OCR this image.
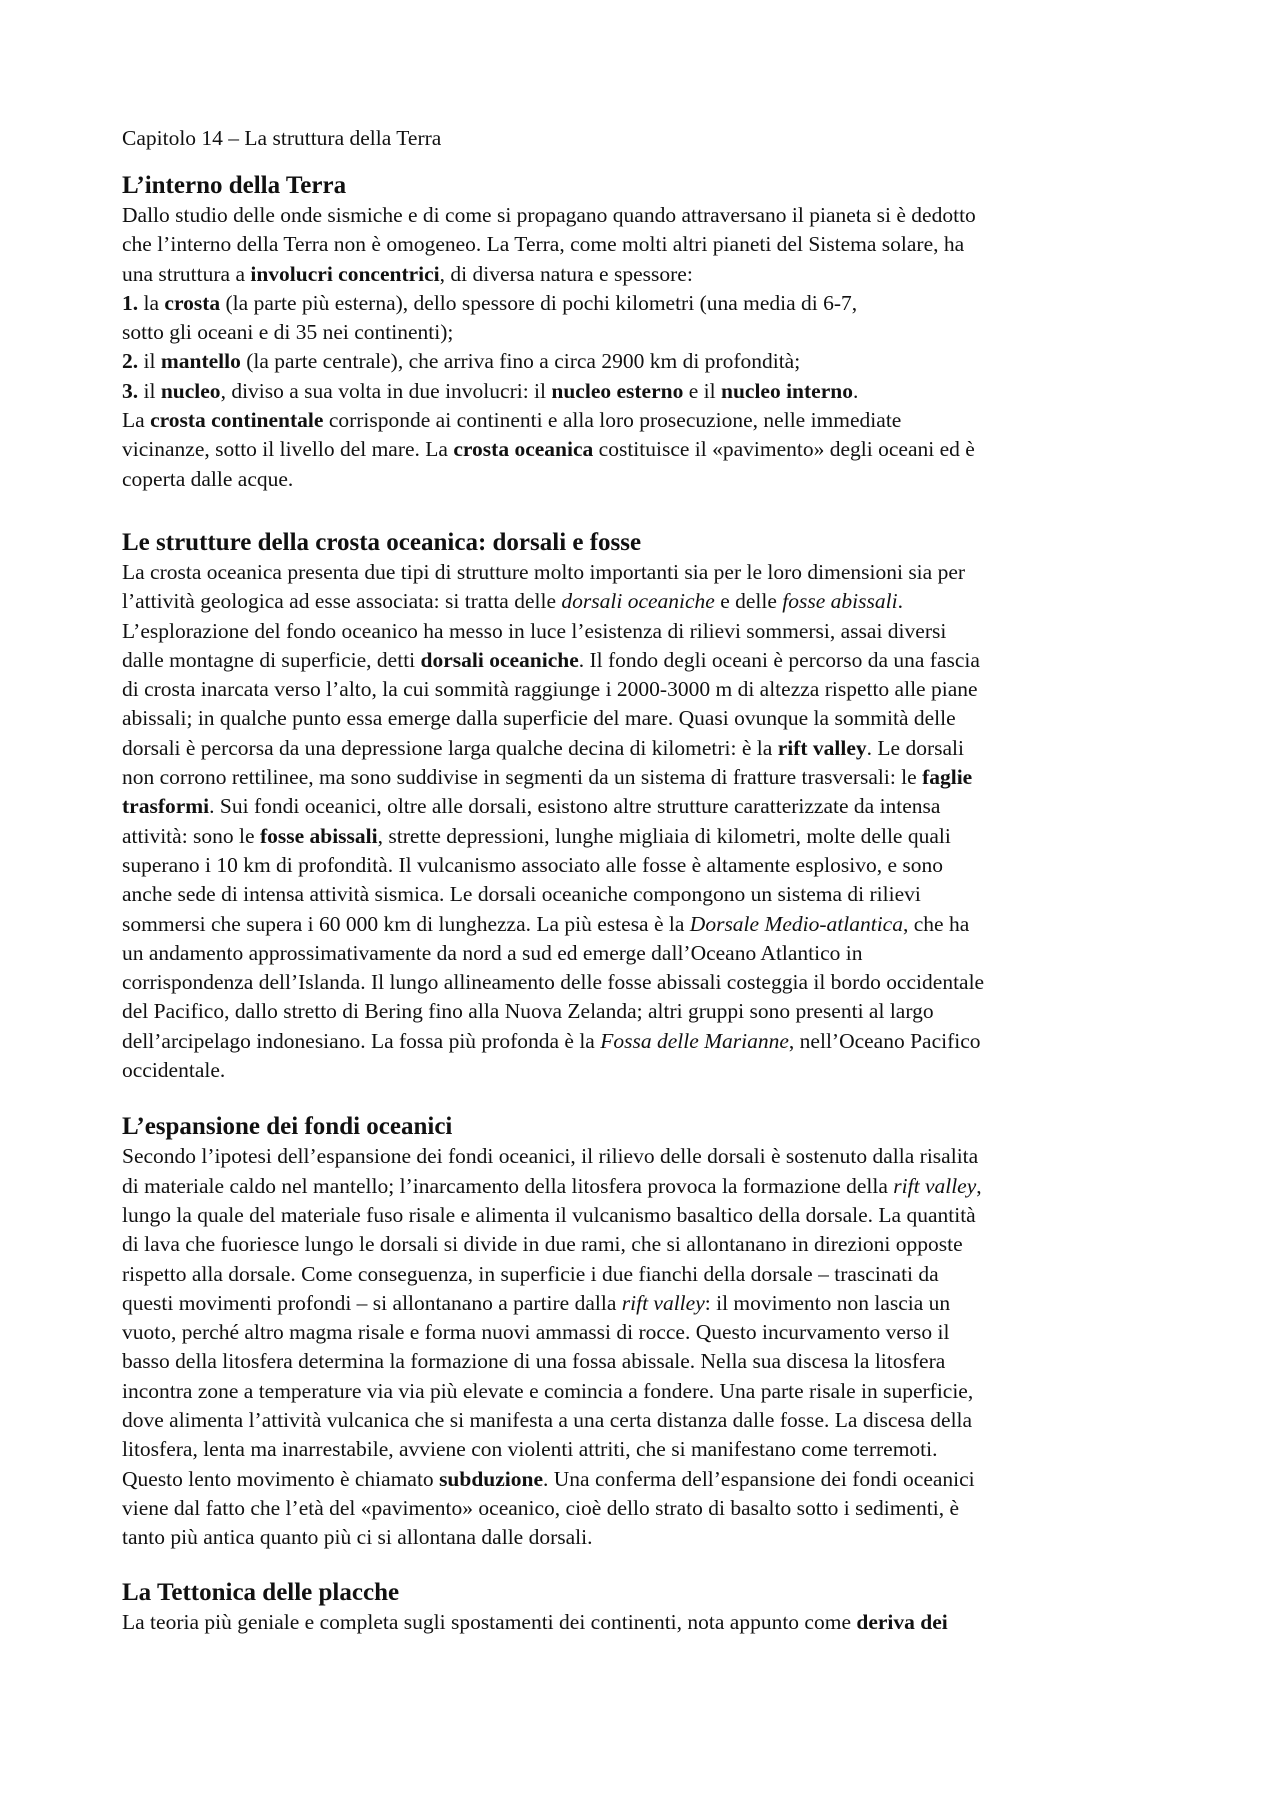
Capitolo 14 – La struttura della Terra
L’interno della Terra
Dallo studio delle onde sismiche e di come si propagano quando attraversano il pianeta si è dedotto
che l’interno della Terra non è omogeneo. La Terra, come molti altri pianeti del Sistema solare, ha
una struttura a involucri concentrici, di diversa natura e spessore:
1. la crosta (la parte più esterna), dello spessore di pochi kilometri (una media di 6-7,
sotto gli oceani e di 35 nei continenti);
2. il mantello (la parte centrale), che arriva fino a circa 2900 km di profondità;
3. il nucleo, diviso a sua volta in due involucri: il nucleo esterno e il nucleo interno.
La crosta continentale corrisponde ai continenti e alla loro prosecuzione, nelle immediate
vicinanze, sotto il livello del mare. La crosta oceanica costituisce il «pavimento» degli oceani ed è
coperta dalle acque.
Le strutture della crosta oceanica: dorsali e fosse
La crosta oceanica presenta due tipi di strutture molto importanti sia per le loro dimensioni sia per
l’attività geologica ad esse associata: si tratta delle dorsali oceaniche e delle fosse abissali.
L’esplorazione del fondo oceanico ha messo in luce l’esistenza di rilievi sommersi, assai diversi
dalle montagne di superficie, detti dorsali oceaniche. Il fondo degli oceani è percorso da una fascia
di crosta inarcata verso l’alto, la cui sommità raggiunge i 2000-3000 m di altezza rispetto alle piane
abissali; in qualche punto essa emerge dalla superficie del mare. Quasi ovunque la sommità delle
dorsali è percorsa da una depressione larga qualche decina di kilometri: è la rift valley. Le dorsali
non corrono rettilinee, ma sono suddivise in segmenti da un sistema di fratture trasversali: le faglie
trasformi. Sui fondi oceanici, oltre alle dorsali, esistono altre strutture caratterizzate da intensa
attività: sono le fosse abissali, strette depressioni, lunghe migliaia di kilometri, molte delle quali
superano i 10 km di profondità. Il vulcanismo associato alle fosse è altamente esplosivo, e sono
anche sede di intensa attività sismica. Le dorsali oceaniche compongono un sistema di rilievi
sommersi che supera i 60 000 km di lunghezza. La più estesa è la Dorsale Medio-atlantica, che ha
un andamento approssimativamente da nord a sud ed emerge dall’Oceano Atlantico in
corrispondenza dell’Islanda. Il lungo allineamento delle fosse abissali costeggia il bordo occidentale
del Pacifico, dallo stretto di Bering fino alla Nuova Zelanda; altri gruppi sono presenti al largo
dell’arcipelago indonesiano. La fossa più profonda è la Fossa delle Marianne, nell’Oceano Pacifico
occidentale.
L’espansione dei fondi oceanici
Secondo l’ipotesi dell’espansione dei fondi oceanici, il rilievo delle dorsali è sostenuto dalla risalita
di materiale caldo nel mantello; l’inarcamento della litosfera provoca la formazione della rift valley,
lungo la quale del materiale fuso risale e alimenta il vulcanismo basaltico della dorsale. La quantità
di lava che fuoriesce lungo le dorsali si divide in due rami, che si allontanano in direzioni opposte
rispetto alla dorsale. Come conseguenza, in superficie i due fianchi della dorsale – trascinati da
questi movimenti profondi – si allontanano a partire dalla rift valley: il movimento non lascia un
vuoto, perché altro magma risale e forma nuovi ammassi di rocce. Questo incurvamento verso il
basso della litosfera determina la formazione di una fossa abissale. Nella sua discesa la litosfera
incontra zone a temperature via via più elevate e comincia a fondere. Una parte risale in superficie,
dove alimenta l’attività vulcanica che si manifesta a una certa distanza dalle fosse. La discesa della
litosfera, lenta ma inarrestabile, avviene con violenti attriti, che si manifestano come terremoti.
Questo lento movimento è chiamato subduzione. Una conferma dell’espansione dei fondi oceanici
viene dal fatto che l’età del «pavimento» oceanico, cioè dello strato di basalto sotto i sedimenti, è
tanto più antica quanto più ci si allontana dalle dorsali.
La Tettonica delle placche
La teoria più geniale e completa sugli spostamenti dei continenti, nota appunto come deriva dei
